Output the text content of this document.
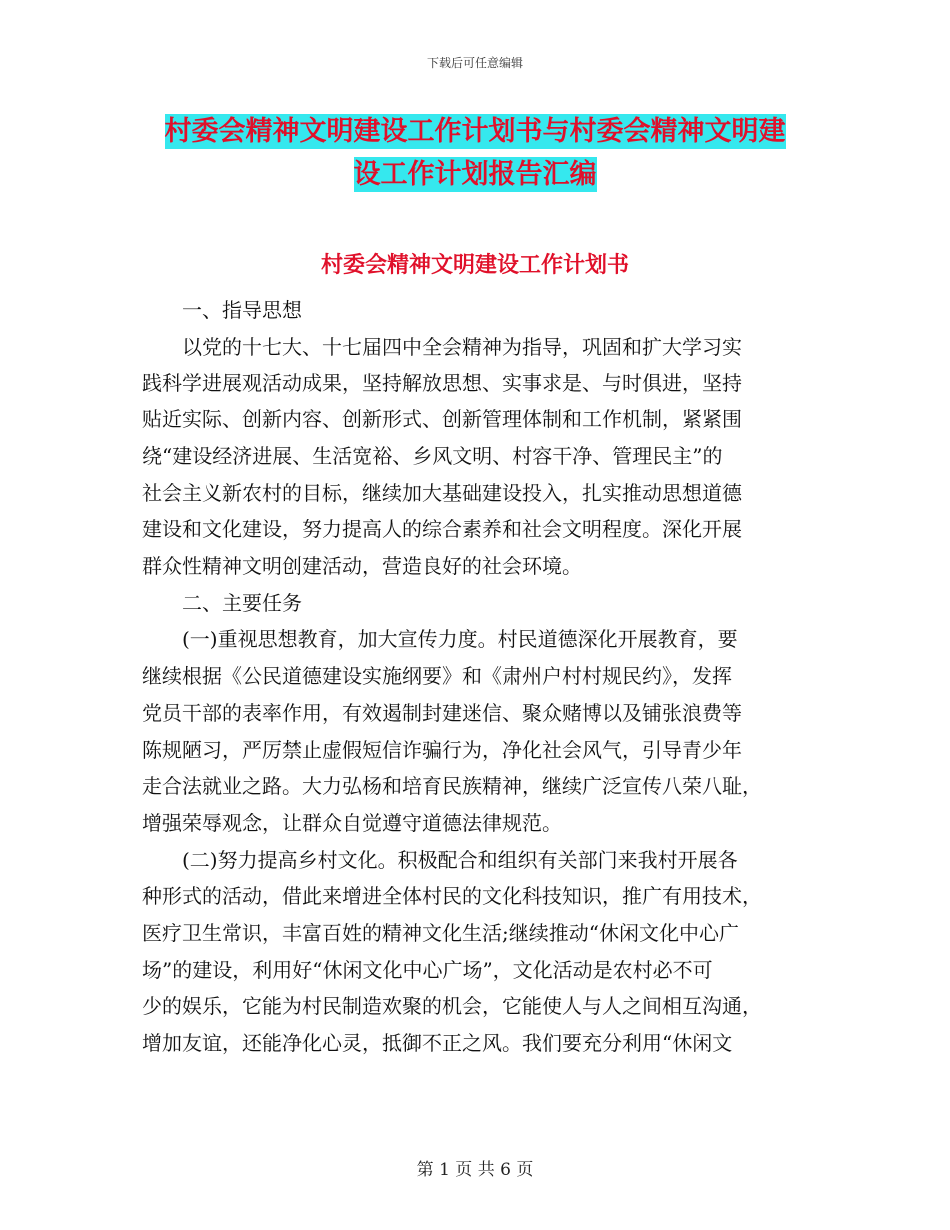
下载后可任意编辑
村委会精神文明建设工作计划书与村委会精神文明建
设工作计划报告汇编
村委会精神文明建设工作计划书
　　一、指导思想
　　以党的十七大、十七届四中全会精神为指导，巩固和扩大学习实
践科学进展观活动成果，坚持解放思想、实事求是、与时俱进，坚持
贴近实际、创新内容、创新形式、创新管理体制和工作机制，紧紧围
绕“建设经济进展、生活宽裕、乡风文明、村容干净、管理民主”的
社会主义新农村的目标，继续加大基础建设投入，扎实推动思想道德
建设和文化建设，努力提高人的综合素养和社会文明程度。深化开展
群众性精神文明创建活动，营造良好的社会环境。
　　二、主要任务
　　(一)重视思想教育，加大宣传力度。村民道德深化开展教育，要
继续根据《公民道德建设实施纲要》和《肃州户村村规民约》，发挥
党员干部的表率作用，有效遏制封建迷信、聚众赌博以及铺张浪费等
陈规陋习，严厉禁止虚假短信诈骗行为，净化社会风气，引导青少年
走合法就业之路。大力弘杨和培育民族精神，继续广泛宣传八荣八耻，
增强荣辱观念，让群众自觉遵守道德法律规范。
　　(二)努力提高乡村文化。积极配合和组织有关部门来我村开展各
种形式的活动，借此来增进全体村民的文化科技知识，推广有用技术，
医疗卫生常识，丰富百姓的精神文化生活;继续推动“休闲文化中心广
场”的建设，利用好“休闲文化中心广场”，文化活动是农村必不可
少的娱乐，它能为村民制造欢聚的机会，它能使人与人之间相互沟通，
增加友谊，还能净化心灵，抵御不正之风。我们要充分利用“休闲文
第 1 页 共 6 页
